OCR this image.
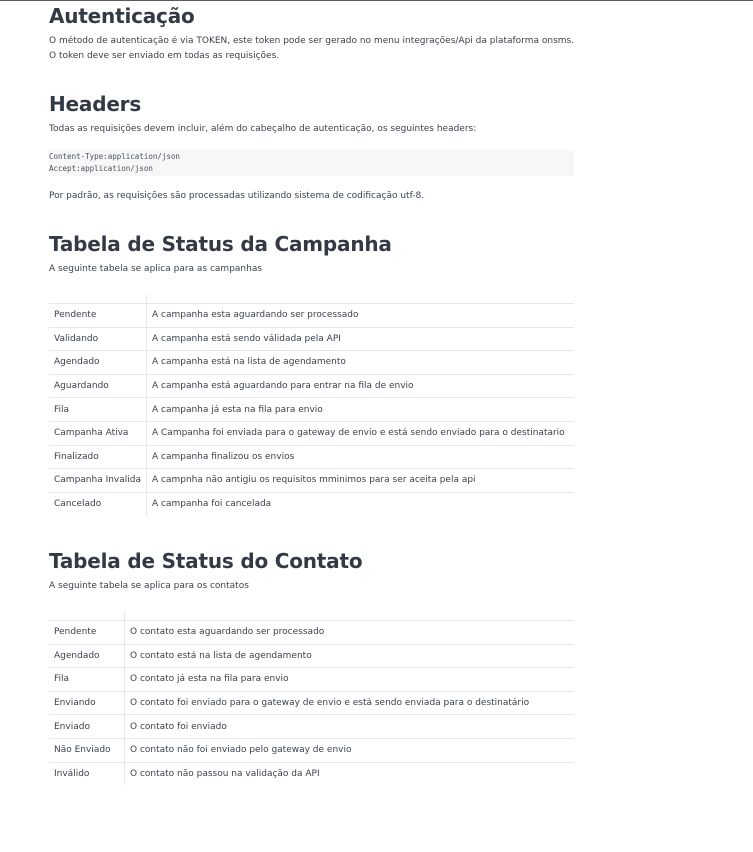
Autenticação

O método de autenticação é via TOKEN, este token pode ser gerado no menu integrações/Api da plataforma onsms. O token deve ser enviado em todas as requisições.

Headers

Todas as requisições devem incluir, além do cabeçalho de autenticação, os seguintes headers:

Content-Type:application/json
Accept:application/json

Por padrão, as requisições são processadas utilizando sistema de codificação utf-8.

Tabela de Status da Campanha

A seguinte tabela se aplica para as campanhas

Pendente	A campanha esta aguardando ser processado
Validando	A campanha está sendo válidada pela API
Agendado	A campanha está na lista de agendamento
Aguardando	A campanha está aguardando para entrar na fila de envio
Fila	A campanha já esta na fila para envio
Campanha Ativa	A Campanha foi enviada para o gateway de envio e está sendo enviado para o destinatario
Finalizado	A campanha finalizou os envios
Campanha Invalida	A campnha não antigiu os requisitos mminimos para ser aceita pela api
Cancelado	A campanha foi cancelada
Tabela de Status do Contato

A seguinte tabela se aplica para os contatos

Pendente	O contato esta aguardando ser processado
Agendado	O contato está na lista de agendamento
Fila	O contato já esta na fila para envio
Enviando	O contato foi enviado para o gateway de envio e está sendo enviada para o destinatário
Enviado	O contato foi enviado
Não Enviado	O contato não foi enviado pelo gateway de envio
Inválido	O contato não passou na validação da API
